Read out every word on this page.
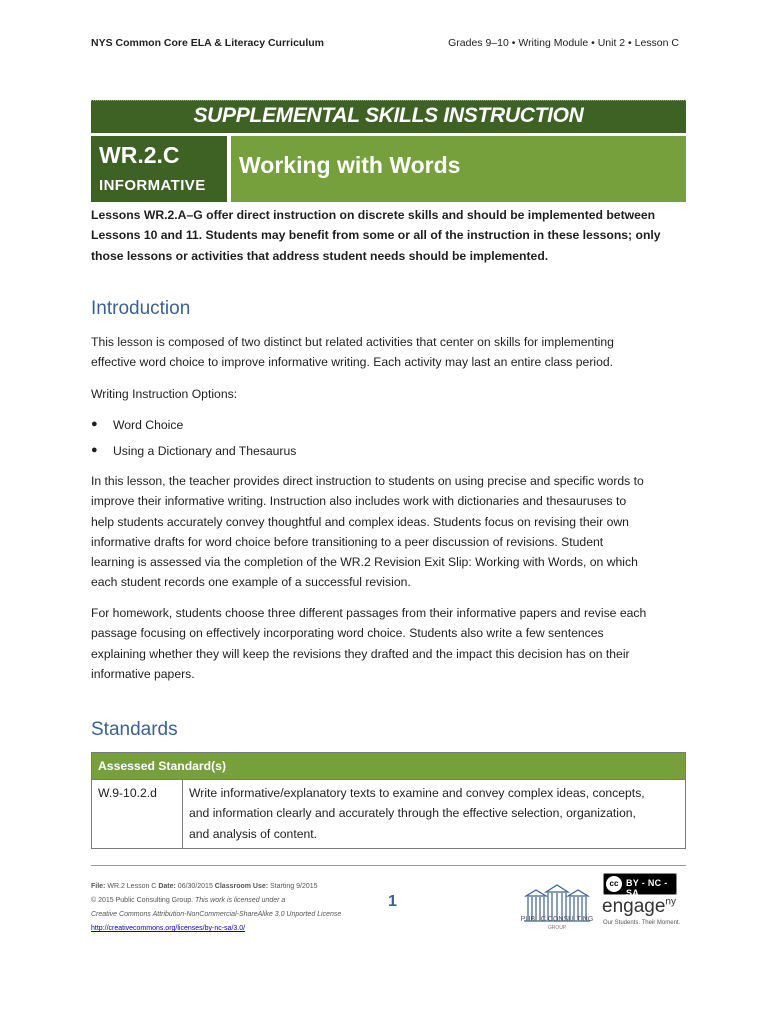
NYS Common Core ELA & Literacy Curriculum	Grades 9–10 • Writing Module • Unit 2 • Lesson C
SUPPLEMENTAL SKILLS INSTRUCTION
WR.2.C
INFORMATIVE
Working with Words
Lessons WR.2.A–G offer direct instruction on discrete skills and should be implemented between
Lessons 10 and 11. Students may benefit from some or all of the instruction in these lessons; only
those lessons or activities that address student needs should be implemented.
Introduction
This lesson is composed of two distinct but related activities that center on skills for implementing
effective word choice to improve informative writing. Each activity may last an entire class period.
Writing Instruction Options:
● Word Choice
● Using a Dictionary and Thesaurus
In this lesson, the teacher provides direct instruction to students on using precise and specific words to
improve their informative writing. Instruction also includes work with dictionaries and thesauruses to
help students accurately convey thoughtful and complex ideas. Students focus on revising their own
informative drafts for word choice before transitioning to a peer discussion of revisions. Student
learning is assessed via the completion of the WR.2 Revision Exit Slip: Working with Words, on which
each student records one example of a successful revision.
For homework, students choose three different passages from their informative papers and revise each
passage focusing on effectively incorporating word choice. Students also write a few sentences
explaining whether they will keep the revisions they drafted and the impact this decision has on their
informative papers.
Standards
Assessed Standard(s)
W.9-10.2.d	Write informative/explanatory texts to examine and convey complex ideas, concepts,
and information clearly and accurately through the effective selection, organization,
and analysis of content.
File: WR.2 Lesson C Date: 06/30/2015 Classroom Use: Starting 9/2015
© 2015 Public Consulting Group. This work is licensed under a
Creative Commons Attribution-NonCommercial-ShareAlike 3.0 Unported License
http://creativecommons.org/licenses/by-nc-sa/3.0/
1
PUBLIC CONSULTING
GROUP
cc BY - NC - SA
engage$^{ny}$
Our Students. Their Moment.
